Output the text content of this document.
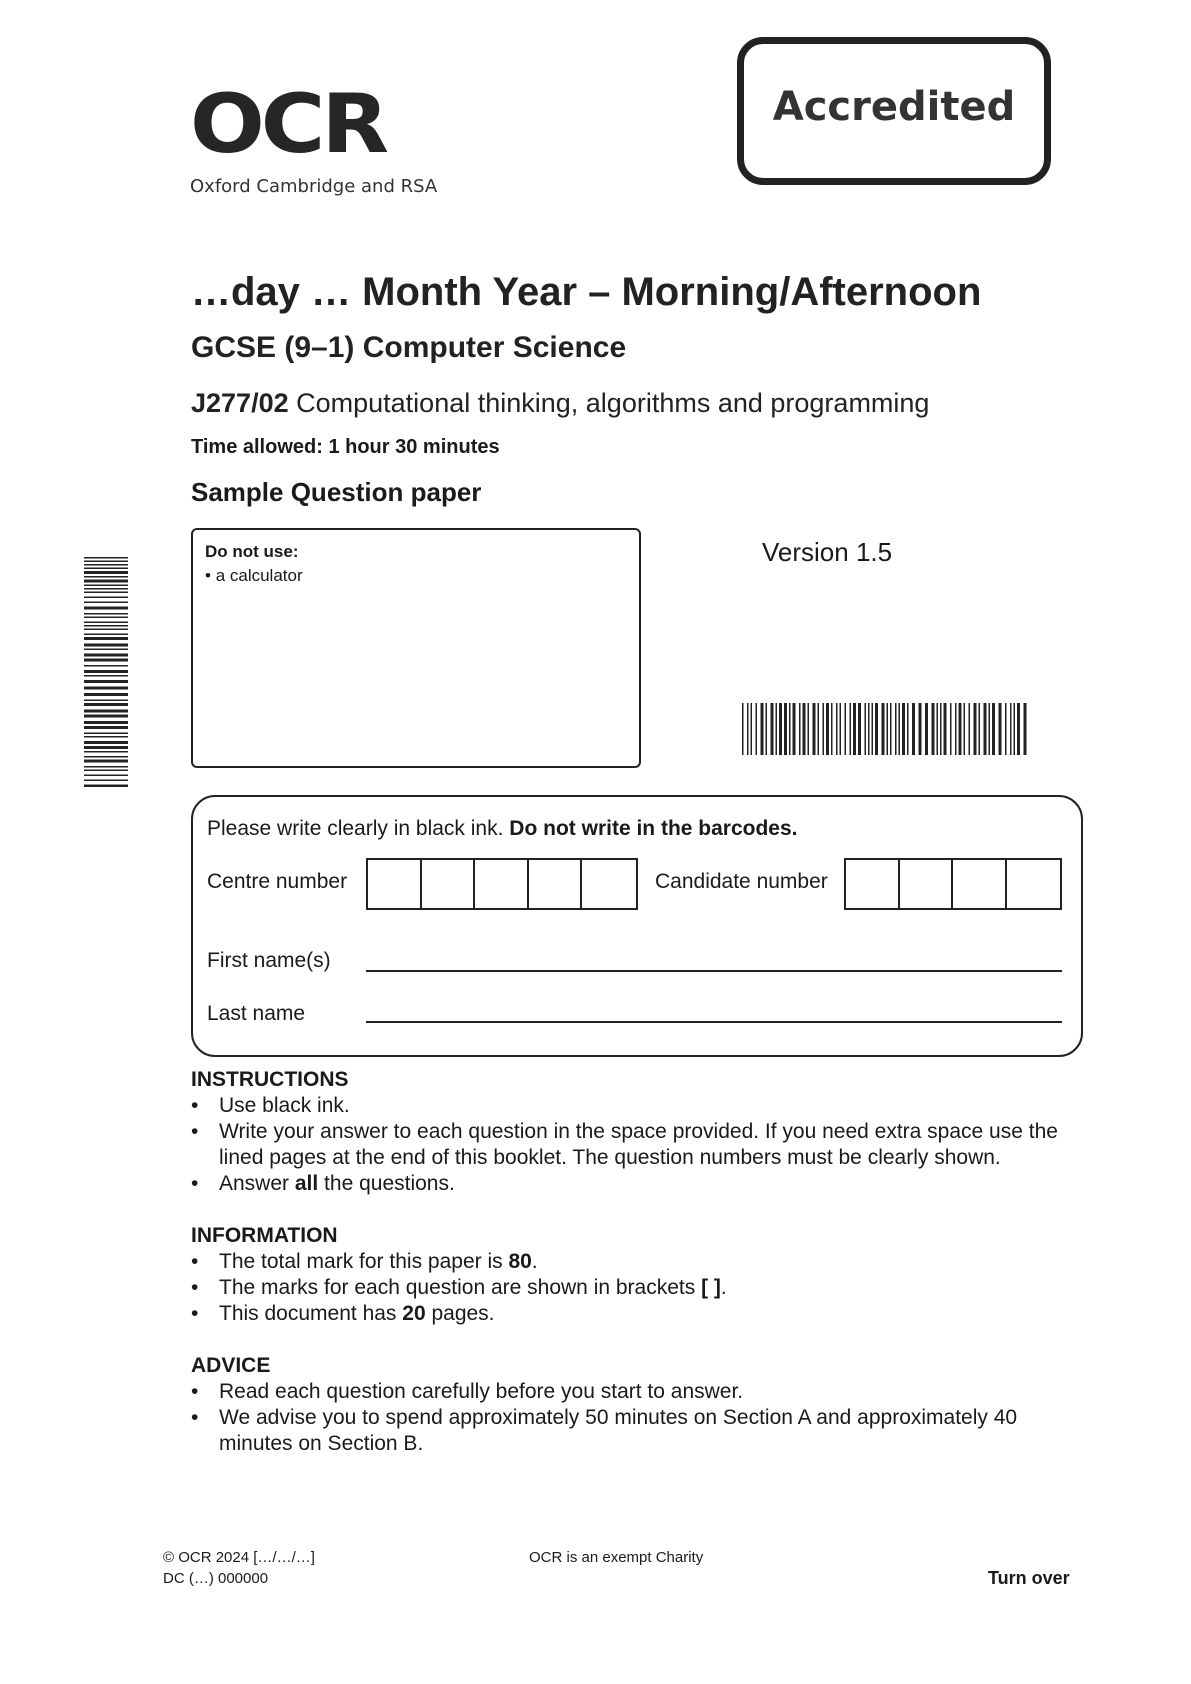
OCR
Oxford Cambridge and RSA
Accredited
…day … Month Year – Morning/Afternoon
GCSE (9–1) Computer Science
J277/02 Computational thinking, algorithms and programming
Time allowed: 1 hour 30 minutes
Sample Question paper
Do not use:
• a calculator
Version 1.5
Please write clearly in black ink. Do not write in the barcodes.
Centre number	Candidate number
First name(s)
Last name
INSTRUCTIONS
• Use black ink.
• Write your answer to each question in the space provided. If you need extra space use the lined pages at the end of this booklet. The question numbers must be clearly shown.
• Answer all the questions.
INFORMATION
• The total mark for this paper is 80.
• The marks for each question are shown in brackets [ ].
• This document has 20 pages.
ADVICE
• Read each question carefully before you start to answer.
• We advise you to spend approximately 50 minutes on Section A and approximately 40 minutes on Section B.
© OCR 2024 […/…/…]
DC (…) 000000
OCR is an exempt Charity
Turn over
